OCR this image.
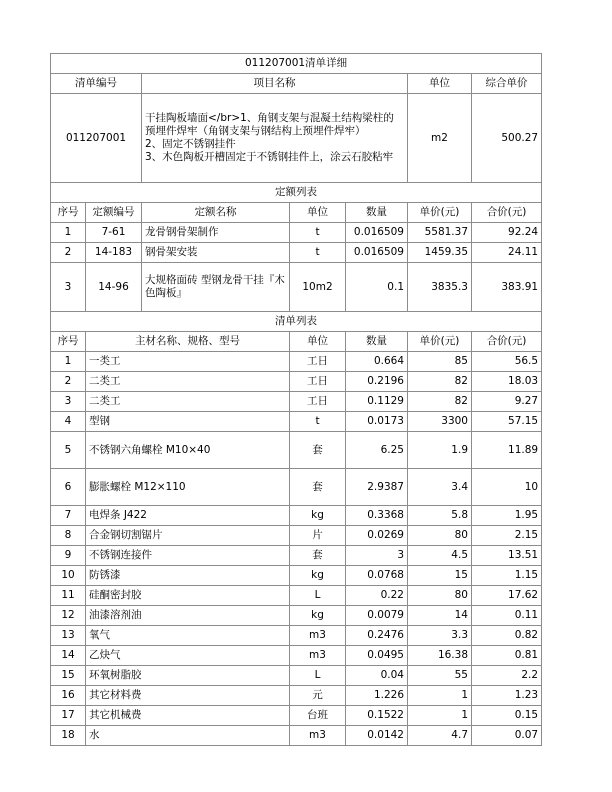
011207001清单详细						
清单编号		项目名称			单位	综合单价
011207001		干挂陶板墙面</br>1、角钢支架与混凝土结构梁柱的预埋件焊牢（角钢支架与钢结构上预埋件焊牢）
2、固定不锈钢挂件
3、木色陶板开槽固定于不锈钢挂件上，涂云石胶粘牢			m2	500.27
定额列表						
序号	定额编号	定额名称	单位	数量	单价(元)	合价(元)
1	7-61	龙骨钢骨架制作	t	0.016509	5581.37	92.24
2	14-183	钢骨架安装	t	0.016509	1459.35	24.11
3	14-96	大规格面砖 型钢龙骨干挂『木色陶板』	10m2	0.1	3835.3	383.91
清单列表						
序号	主材名称、规格、型号		单位	数量	单价(元)	合价(元)
1	一类工		工日	0.664	85	56.5
2	二类工		工日	0.2196	82	18.03
3	二类工		工日	0.1129	82	9.27
4	型钢		t	0.0173	3300	57.15
5	不锈钢六角螺栓 M10×40		套	6.25	1.9	11.89
6	膨胀螺栓 M12×110		套	2.9387	3.4	10
7	电焊条 J422		kg	0.3368	5.8	1.95
8	合金钢切割锯片		片	0.0269	80	2.15
9	不锈钢连接件		套	3	4.5	13.51
10	防锈漆		kg	0.0768	15	1.15
11	硅酮密封胶		L	0.22	80	17.62
12	油漆溶剂油		kg	0.0079	14	0.11
13	氧气		m3	0.2476	3.3	0.82
14	乙炔气		m3	0.0495	16.38	0.81
15	环氧树脂胶		L	0.04	55	2.2
16	其它材料费		元	1.226	1	1.23
17	其它机械费		台班	0.1522	1	0.15
18	水		m3	0.0142	4.7	0.07
